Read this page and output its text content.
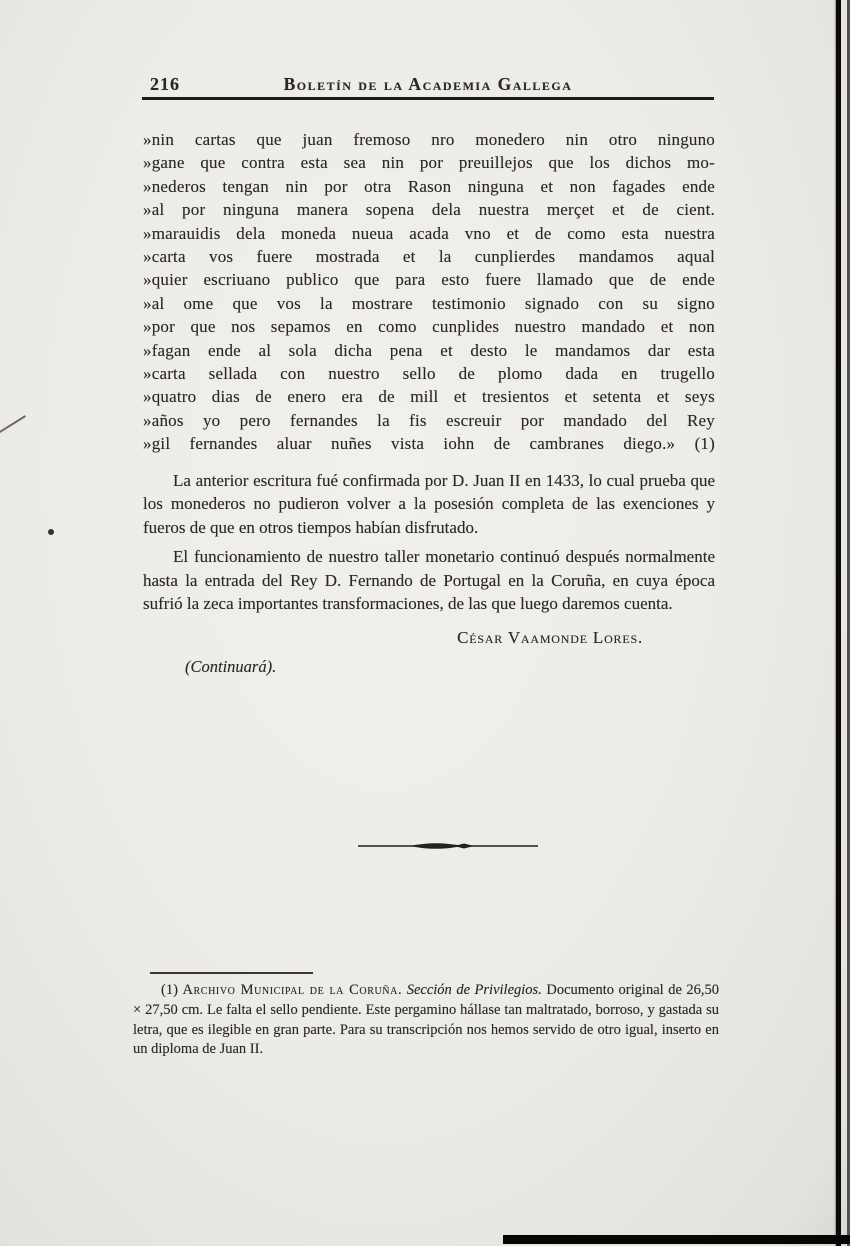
216	Boletín de la Academia Gallega
»nin cartas que juan fremoso nro monedero nin otro ninguno
»gane que contra esta sea nin por preuillejos que los dichos mo-
»nederos tengan nin por otra Rason ninguna et non fagades ende
»al por ninguna manera sopena dela nuestra merçet et de cient.
»marauidis dela moneda nueua acada vno et de como esta nuestra
»carta vos fuere mostrada et la cunplierdes mandamos aqual
»quier escriuano publico que para esto fuere llamado que de ende
»al ome que vos la mostrare testimonio signado con su signo
»por que nos sepamos en como cunplides nuestro mandado et non
»fagan ende al sola dicha pena et desto le mandamos dar esta
»carta sellada con nuestro sello de plomo dada en trugello
»quatro dias de enero era de mill et tresientos et setenta et seys
»años yo pero fernandes la fis escreuir por mandado del Rey
»gil fernandes aluar nuñes vista iohn de cambranes diego.» (1)

La anterior escritura fué confirmada por D. Juan II en 1433, lo cual prueba que los monederos no pudieron volver a la posesión completa de las exenciones y fueros de que en otros tiempos habían disfrutado.

El funcionamiento de nuestro taller monetario continuó después normalmente hasta la entrada del Rey D. Fernando de Portugal en la Coruña, en cuya época sufrió la zeca importantes transformaciones, de las que luego daremos cuenta.

César Vaamonde Lores.
(Continuará).

(1) Archivo Municipal de la Coruña. Sección de Privilegios. Documento original de 26,50 × 27,50 cm. Le falta el sello pendiente. Este pergamino hállase tan maltratado, borroso, y gastada su letra, que es ilegible en gran parte. Para su transcripción nos hemos servido de otro igual, inserto en un diploma de Juan II.
